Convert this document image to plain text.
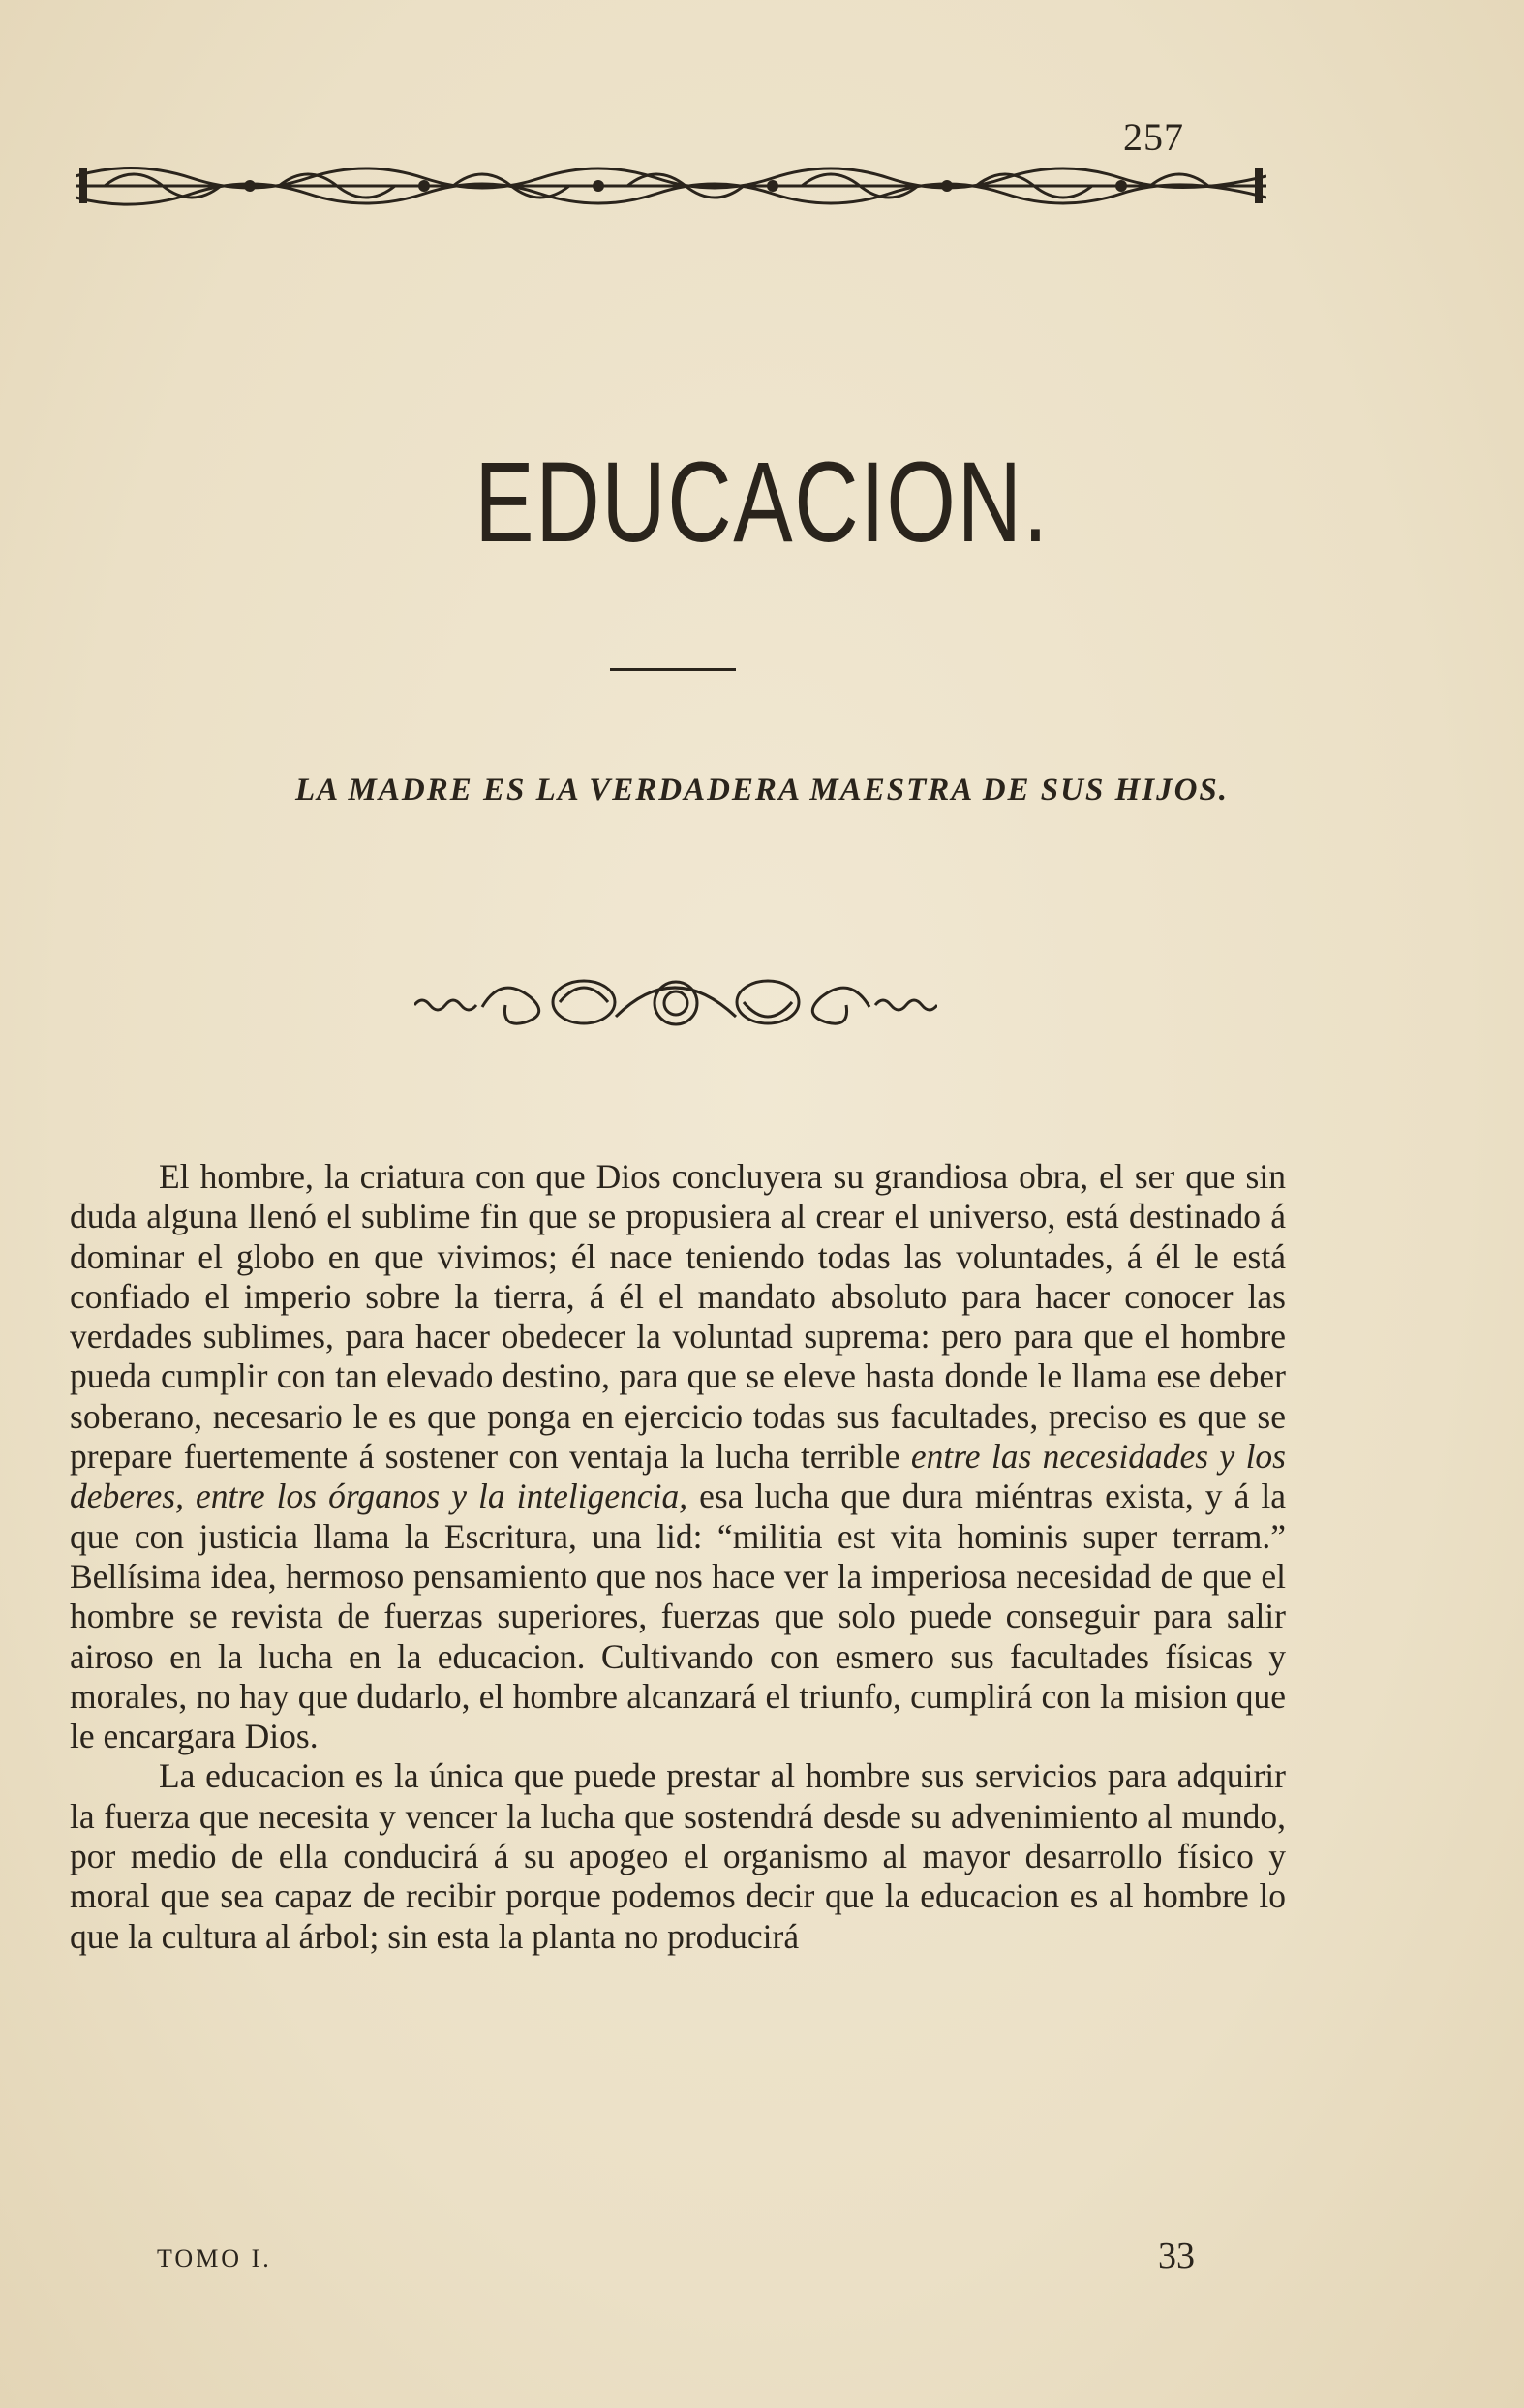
257
EDUCACION.
LA MADRE ES LA VERDADERA MAESTRA DE SUS HIJOS.

El hombre, la criatura con que Dios concluyera su grandiosa obra, el ser que sin duda alguna llenó el sublime fin que se propusiera al crear el universo, está destinado á dominar el globo en que vivimos; él nace teniendo todas las voluntades, á él le está confiado el imperio sobre la tierra, á él el mandato absoluto para hacer conocer las verdades sublimes, para hacer obedecer la voluntad suprema: pero para que el hombre pueda cumplir con tan elevado destino, para que se eleve hasta donde le llama ese deber soberano, necesario le es que ponga en ejercicio todas sus facultades, preciso es que se prepare fuertemente á sostener con ventaja la lucha terrible entre las necesidades y los deberes, entre los órganos y la inteligencia, esa lucha que dura miéntras exista, y á la que con justicia llama la Escritura, una lid: “militia est vita hominis super terram.” Bellísima idea, hermoso pensamiento que nos hace ver la imperiosa necesidad de que el hombre se revista de fuerzas superiores, fuerzas que solo puede conseguir para salir airoso en la lucha en la educacion. Cultivando con esmero sus facultades físicas y morales, no hay que dudarlo, el hombre alcanzará el triunfo, cumplirá con la mision que le encargara Dios.

La educacion es la única que puede prestar al hombre sus servicios para adquirir la fuerza que necesita y vencer la lucha que sostendrá desde su advenimiento al mundo, por medio de ella conducirá á su apogeo el organismo al mayor desarrollo físico y moral que sea capaz de recibir porque podemos decir que la educacion es al hombre lo que la cultura al árbol; sin esta la planta no producirá

TOMO I.	33
